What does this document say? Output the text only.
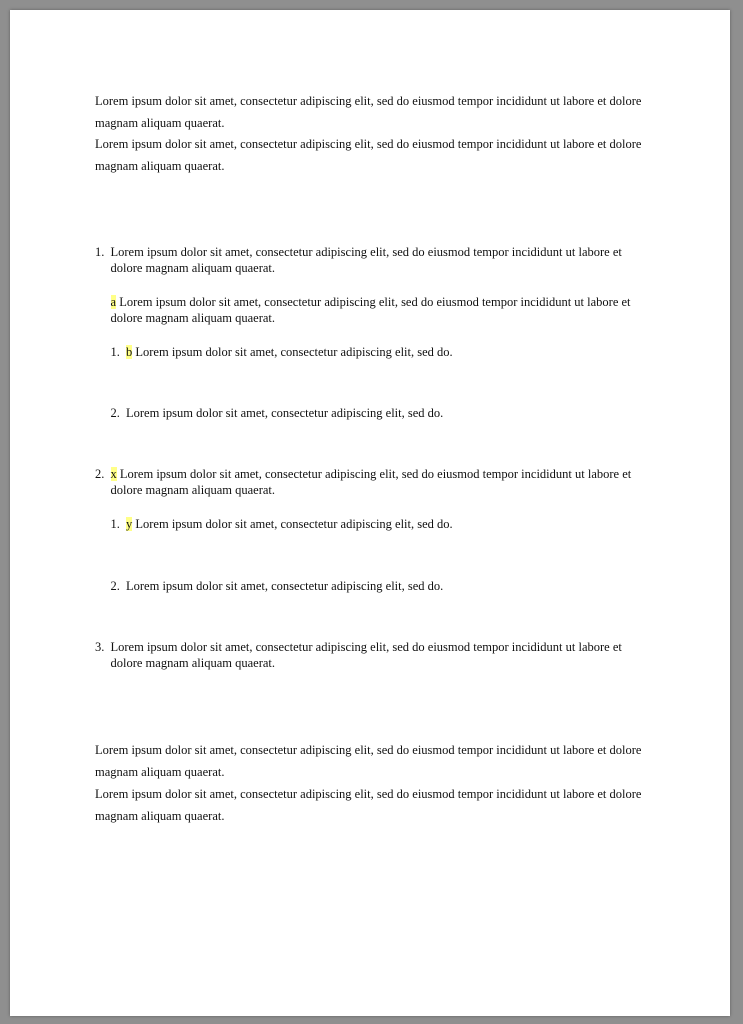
Lorem ipsum dolor sit amet, consectetur adipiscing elit, sed do eiusmod tempor incididunt ut labore et dolore magnam aliquam quaerat.
Lorem ipsum dolor sit amet, consectetur adipiscing elit, sed do eiusmod tempor incididunt ut labore et dolore magnam aliquam quaerat.
1. Lorem ipsum dolor sit amet, consectetur adipiscing elit, sed do eiusmod tempor incididunt ut labore et dolore magnam aliquam quaerat.
a Lorem ipsum dolor sit amet, consectetur adipiscing elit, sed do eiusmod tempor incididunt ut labore et dolore magnam aliquam quaerat.
1. b Lorem ipsum dolor sit amet, consectetur adipiscing elit, sed do.
2. Lorem ipsum dolor sit amet, consectetur adipiscing elit, sed do.
2. x Lorem ipsum dolor sit amet, consectetur adipiscing elit, sed do eiusmod tempor incididunt ut labore et dolore magnam aliquam quaerat.
1. y Lorem ipsum dolor sit amet, consectetur adipiscing elit, sed do.
2. Lorem ipsum dolor sit amet, consectetur adipiscing elit, sed do.
3. Lorem ipsum dolor sit amet, consectetur adipiscing elit, sed do eiusmod tempor incididunt ut labore et dolore magnam aliquam quaerat.
Lorem ipsum dolor sit amet, consectetur adipiscing elit, sed do eiusmod tempor incididunt ut labore et dolore magnam aliquam quaerat.
Lorem ipsum dolor sit amet, consectetur adipiscing elit, sed do eiusmod tempor incididunt ut labore et dolore magnam aliquam quaerat.
